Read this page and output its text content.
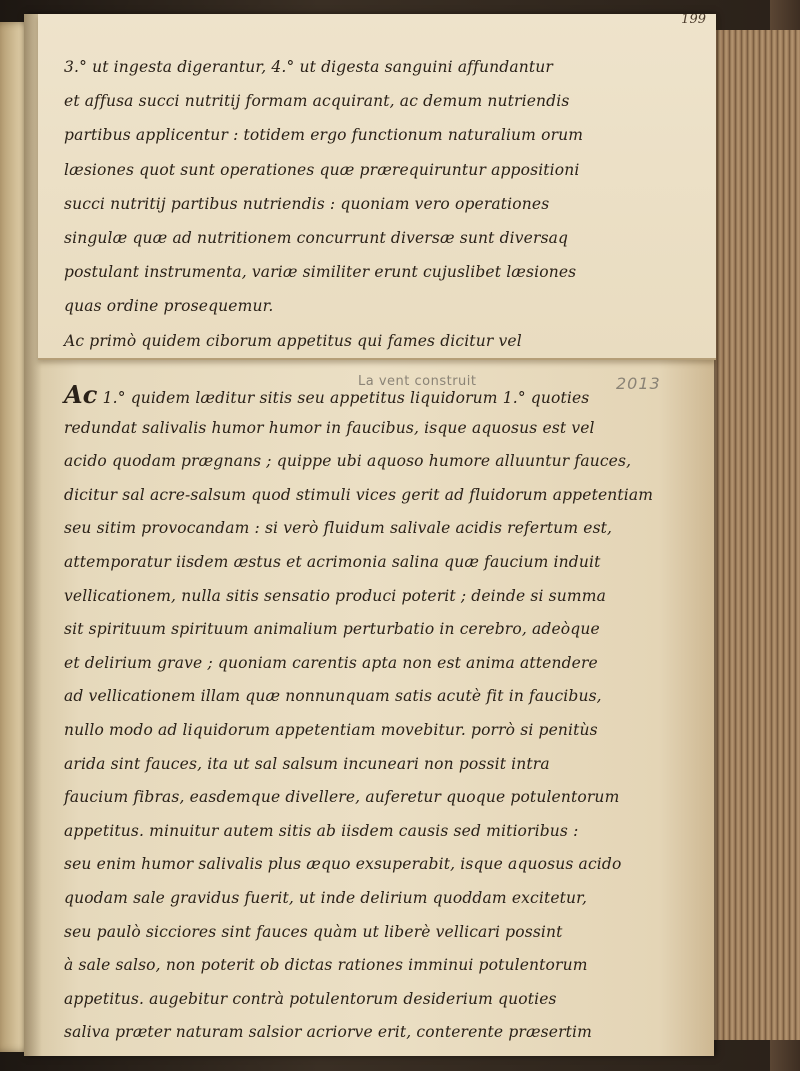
La vent construit	2013
Ac 1.° quidem læditur sitis seu appetitus liquidorum 1.° quoties
redundat salivalis humor humor in faucibus, isque aquosus est vel
acido quodam prægnans ; quippe ubi aquoso humore alluuntur fauces,
dicitur sal acre-salsum quod stimuli vices gerit ad fluidorum appetentiam
seu sitim provocandam : si verò fluidum salivale acidis refertum est,
attemporatur iisdem æstus et acrimonia salina quæ faucium induit
vellicationem, nulla sitis sensatio produci poterit ; deinde si summa
sit spirituum spirituum animalium perturbatio in cerebro, adeòque
et delirium grave ; quoniam carentis apta non est anima attendere
ad vellicationem illam quæ nonnunquam satis acutè fit in faucibus,
nullo modo ad liquidorum appetentiam movebitur. porrò si penitùs
arida sint fauces, ita ut sal salsum incuneari non possit intra
faucium fibras, easdemque divellere, auferetur quoque potulentorum
appetitus. minuitur autem sitis ab iisdem causis sed mitioribus :
seu enim humor salivalis plus æquo exsuperabit, isque aquosus acido
quodam sale gravidus fuerit, ut inde delirium quoddam excitetur,
seu paulò sicciores sint fauces quàm ut liberè vellicari possint
à sale salso, non poterit ob dictas rationes imminui potulentorum
appetitus. augebitur contrà potulentorum desiderium quoties
saliva præter naturam salsior acriorve erit, conterente præsertim
199
3.° ut ingesta digerantur, 4.° ut digesta sanguini affundantur
et affusa succi nutritij formam acquirant, ac demum nutriendis
partibus applicentur : totidem ergo functionum naturalium orum
læsiones quot sunt operationes quæ prærequiruntur appositioni
succi nutritij partibus nutriendis : quoniam vero operationes
singulæ quæ ad nutritionem concurrunt diversæ sunt diversaq
postulant instrumenta, variæ similiter erunt cujuslibet læsiones
quas ordine prosequemur.
Ac primò quidem ciborum appetitus qui fames dicitur vel
